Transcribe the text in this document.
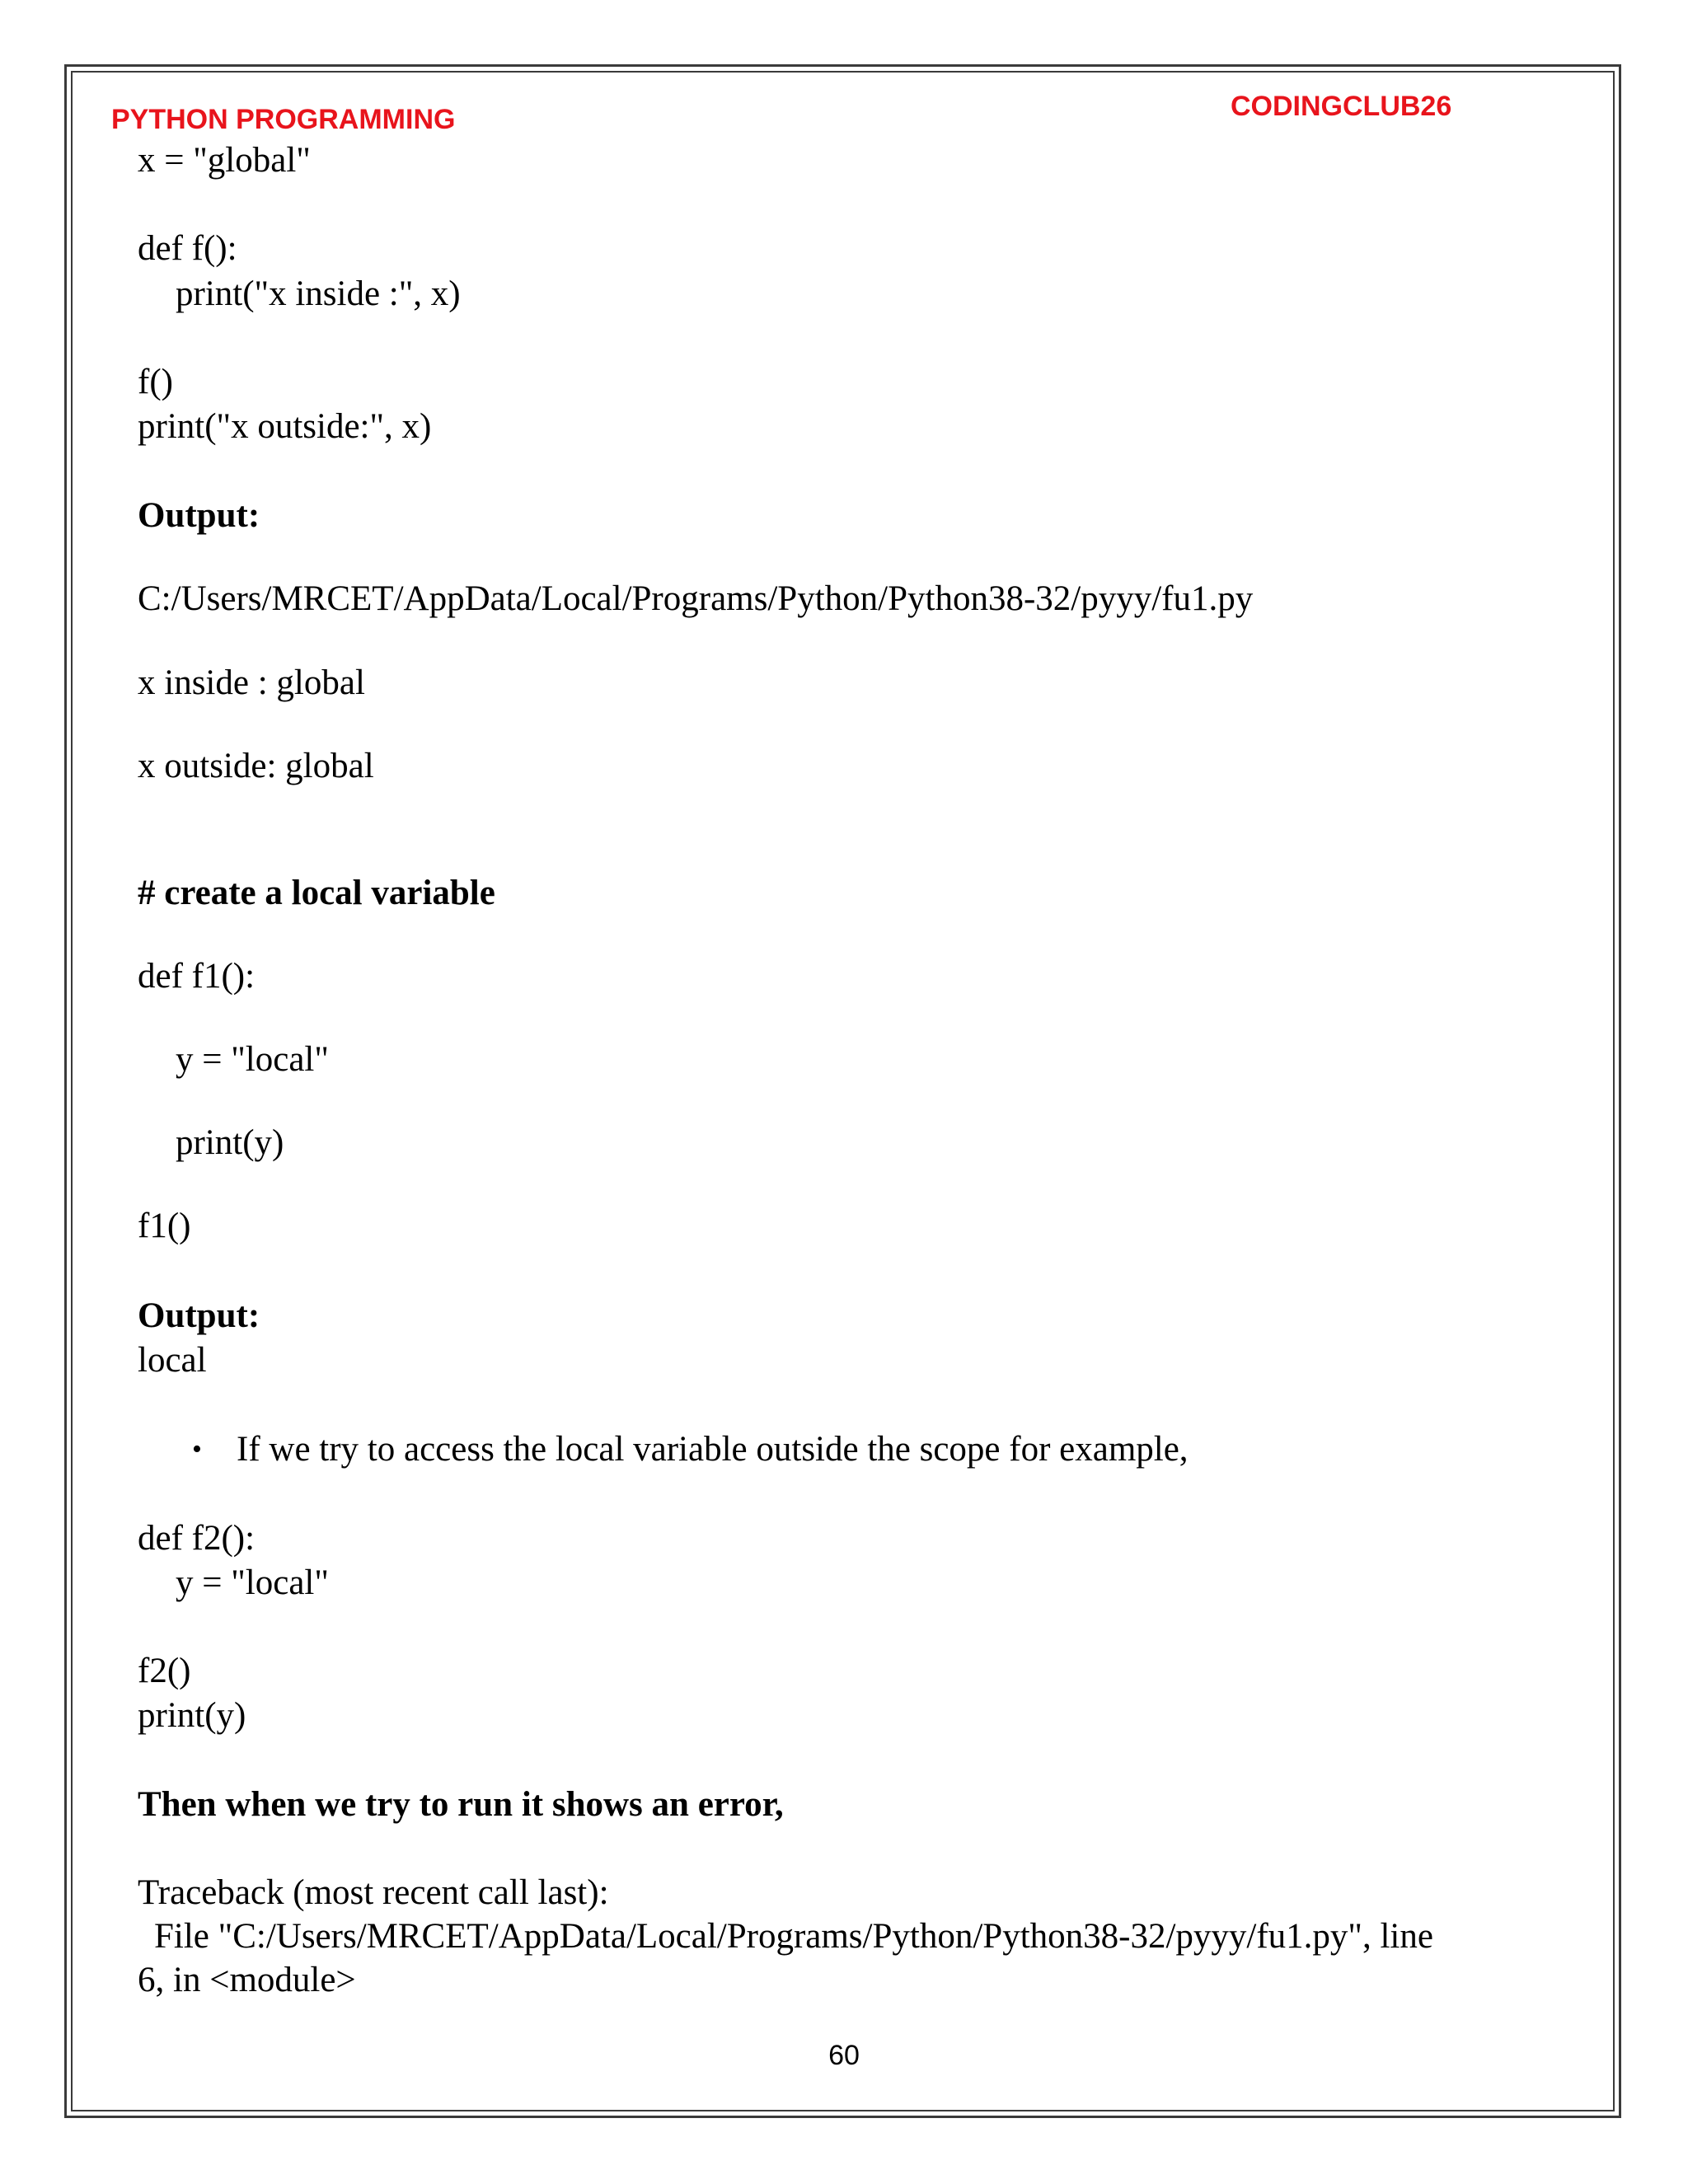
PYTHON PROGRAMMING	CODINGCLUB26
x = "global"
def f():
print("x inside :", x)
f()
print("x outside:", x)
Output:
C:/Users/MRCET/AppData/Local/Programs/Python/Python38-32/pyyy/fu1.py
x inside : global
x outside: global
# create a local variable
def f1():
y = "local"
print(y)
f1()
Output:
local
• If we try to access the local variable outside the scope for example,
def f2():
y = "local"
f2()
print(y)
Then when we try to run it shows an error,
Traceback (most recent call last):
File "C:/Users/MRCET/AppData/Local/Programs/Python/Python38-32/pyyy/fu1.py", line
6, in <module>
60
